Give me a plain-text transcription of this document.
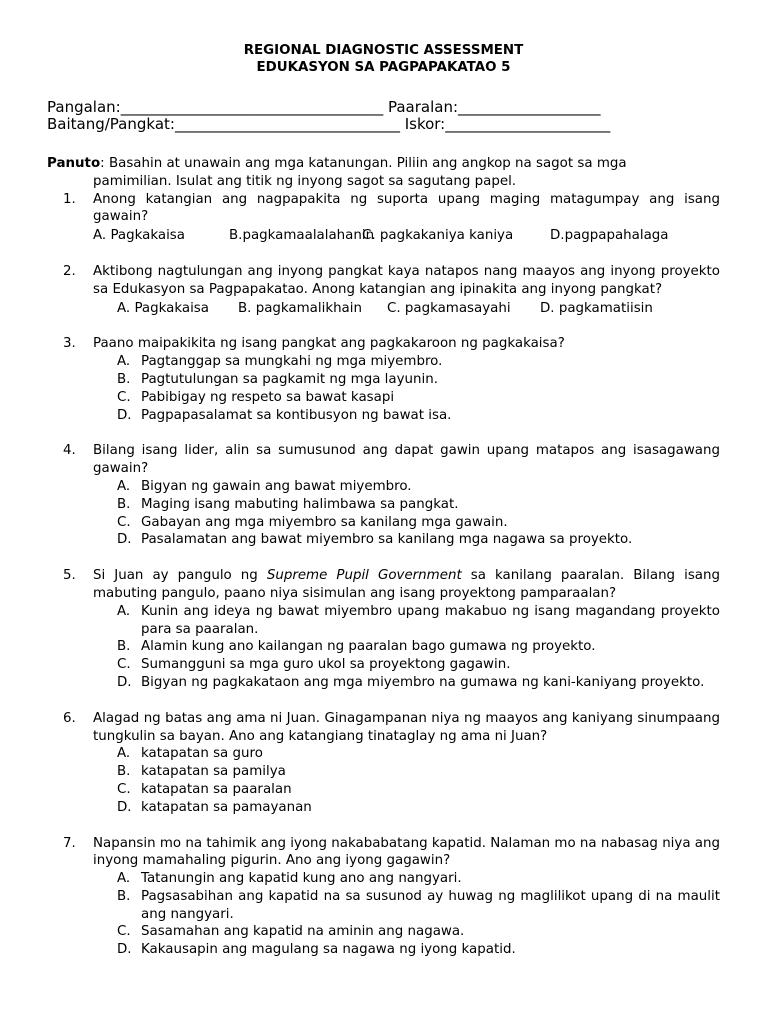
REGIONAL DIAGNOSTIC ASSESSMENT
EDUKASYON SA PAGPAPAKATAO 5
Pangalan:___________________________________ Paaralan:___________________
Baitang/Pangkat:______________________________ Iskor:______________________
Panuto: Basahin at unawain ang mga katanungan. Piliin ang angkop na sagot sa mga
pamimilian. Isulat ang titik ng inyong sagot sa sagutang papel.
1. Anong katangian ang nagpapakita ng suporta upang maging matagumpay ang isang gawain?
A. Pagkakaisa	B.pagkamaalalahaninC. pagkakaniya kaniya	D.pagpapahalaga
2. Aktibong nagtulungan ang inyong pangkat kaya natapos nang maayos ang inyong proyekto sa Edukasyon sa Pagpapakatao. Anong katangian ang ipinakita ang inyong pangkat?
A. Pagkakaisa B. pagkamalikhain C. pagkamasayahi D. pagkamatiisin
3. Paano maipakikita ng isang pangkat ang pagkakaroon ng pagkakaisa?
A. Pagtanggap sa mungkahi ng mga miyembro.
B. Pagtutulungan sa pagkamit ng mga layunin.
C. Pabibigay ng respeto sa bawat kasapi
D. Pagpapasalamat sa kontibusyon ng bawat isa.
4. Bilang isang lider, alin sa sumusunod ang dapat gawin upang matapos ang isasagawang gawain?
A. Bigyan ng gawain ang bawat miyembro.
B. Maging isang mabuting halimbawa sa pangkat.
C. Gabayan ang mga miyembro sa kanilang mga gawain.
D. Pasalamatan ang bawat miyembro sa kanilang mga nagawa sa proyekto.
5. Si Juan ay pangulo ng Supreme Pupil Government sa kanilang paaralan. Bilang isang mabuting pangulo, paano niya sisimulan ang isang proyektong pamparaalan?
A. Kunin ang ideya ng bawat miyembro upang makabuo ng isang magandang proyekto para sa paaralan.
B. Alamin kung ano kailangan ng paaralan bago gumawa ng proyekto.
C. Sumangguni sa mga guro ukol sa proyektong gagawin.
D. Bigyan ng pagkakataon ang mga miyembro na gumawa ng kani-kaniyang proyekto.
6. Alagad ng batas ang ama ni Juan. Ginagampanan niya ng maayos ang kaniyang sinumpaang tungkulin sa bayan. Ano ang katangiang tinataglay ng ama ni Juan?
A. katapatan sa guro
B. katapatan sa pamilya
C. katapatan sa paaralan
D. katapatan sa pamayanan
7. Napansin mo na tahimik ang iyong nakababatang kapatid. Nalaman mo na nabasag niya ang inyong mamahaling pigurin. Ano ang iyong gagawin?
A. Tatanungin ang kapatid kung ano ang nangyari.
B. Pagsasabihan ang kapatid na sa susunod ay huwag ng maglilikot upang di na maulit ang nangyari.
C. Sasamahan ang kapatid na aminin ang nagawa.
D. Kakausapin ang magulang sa nagawa ng iyong kapatid.
